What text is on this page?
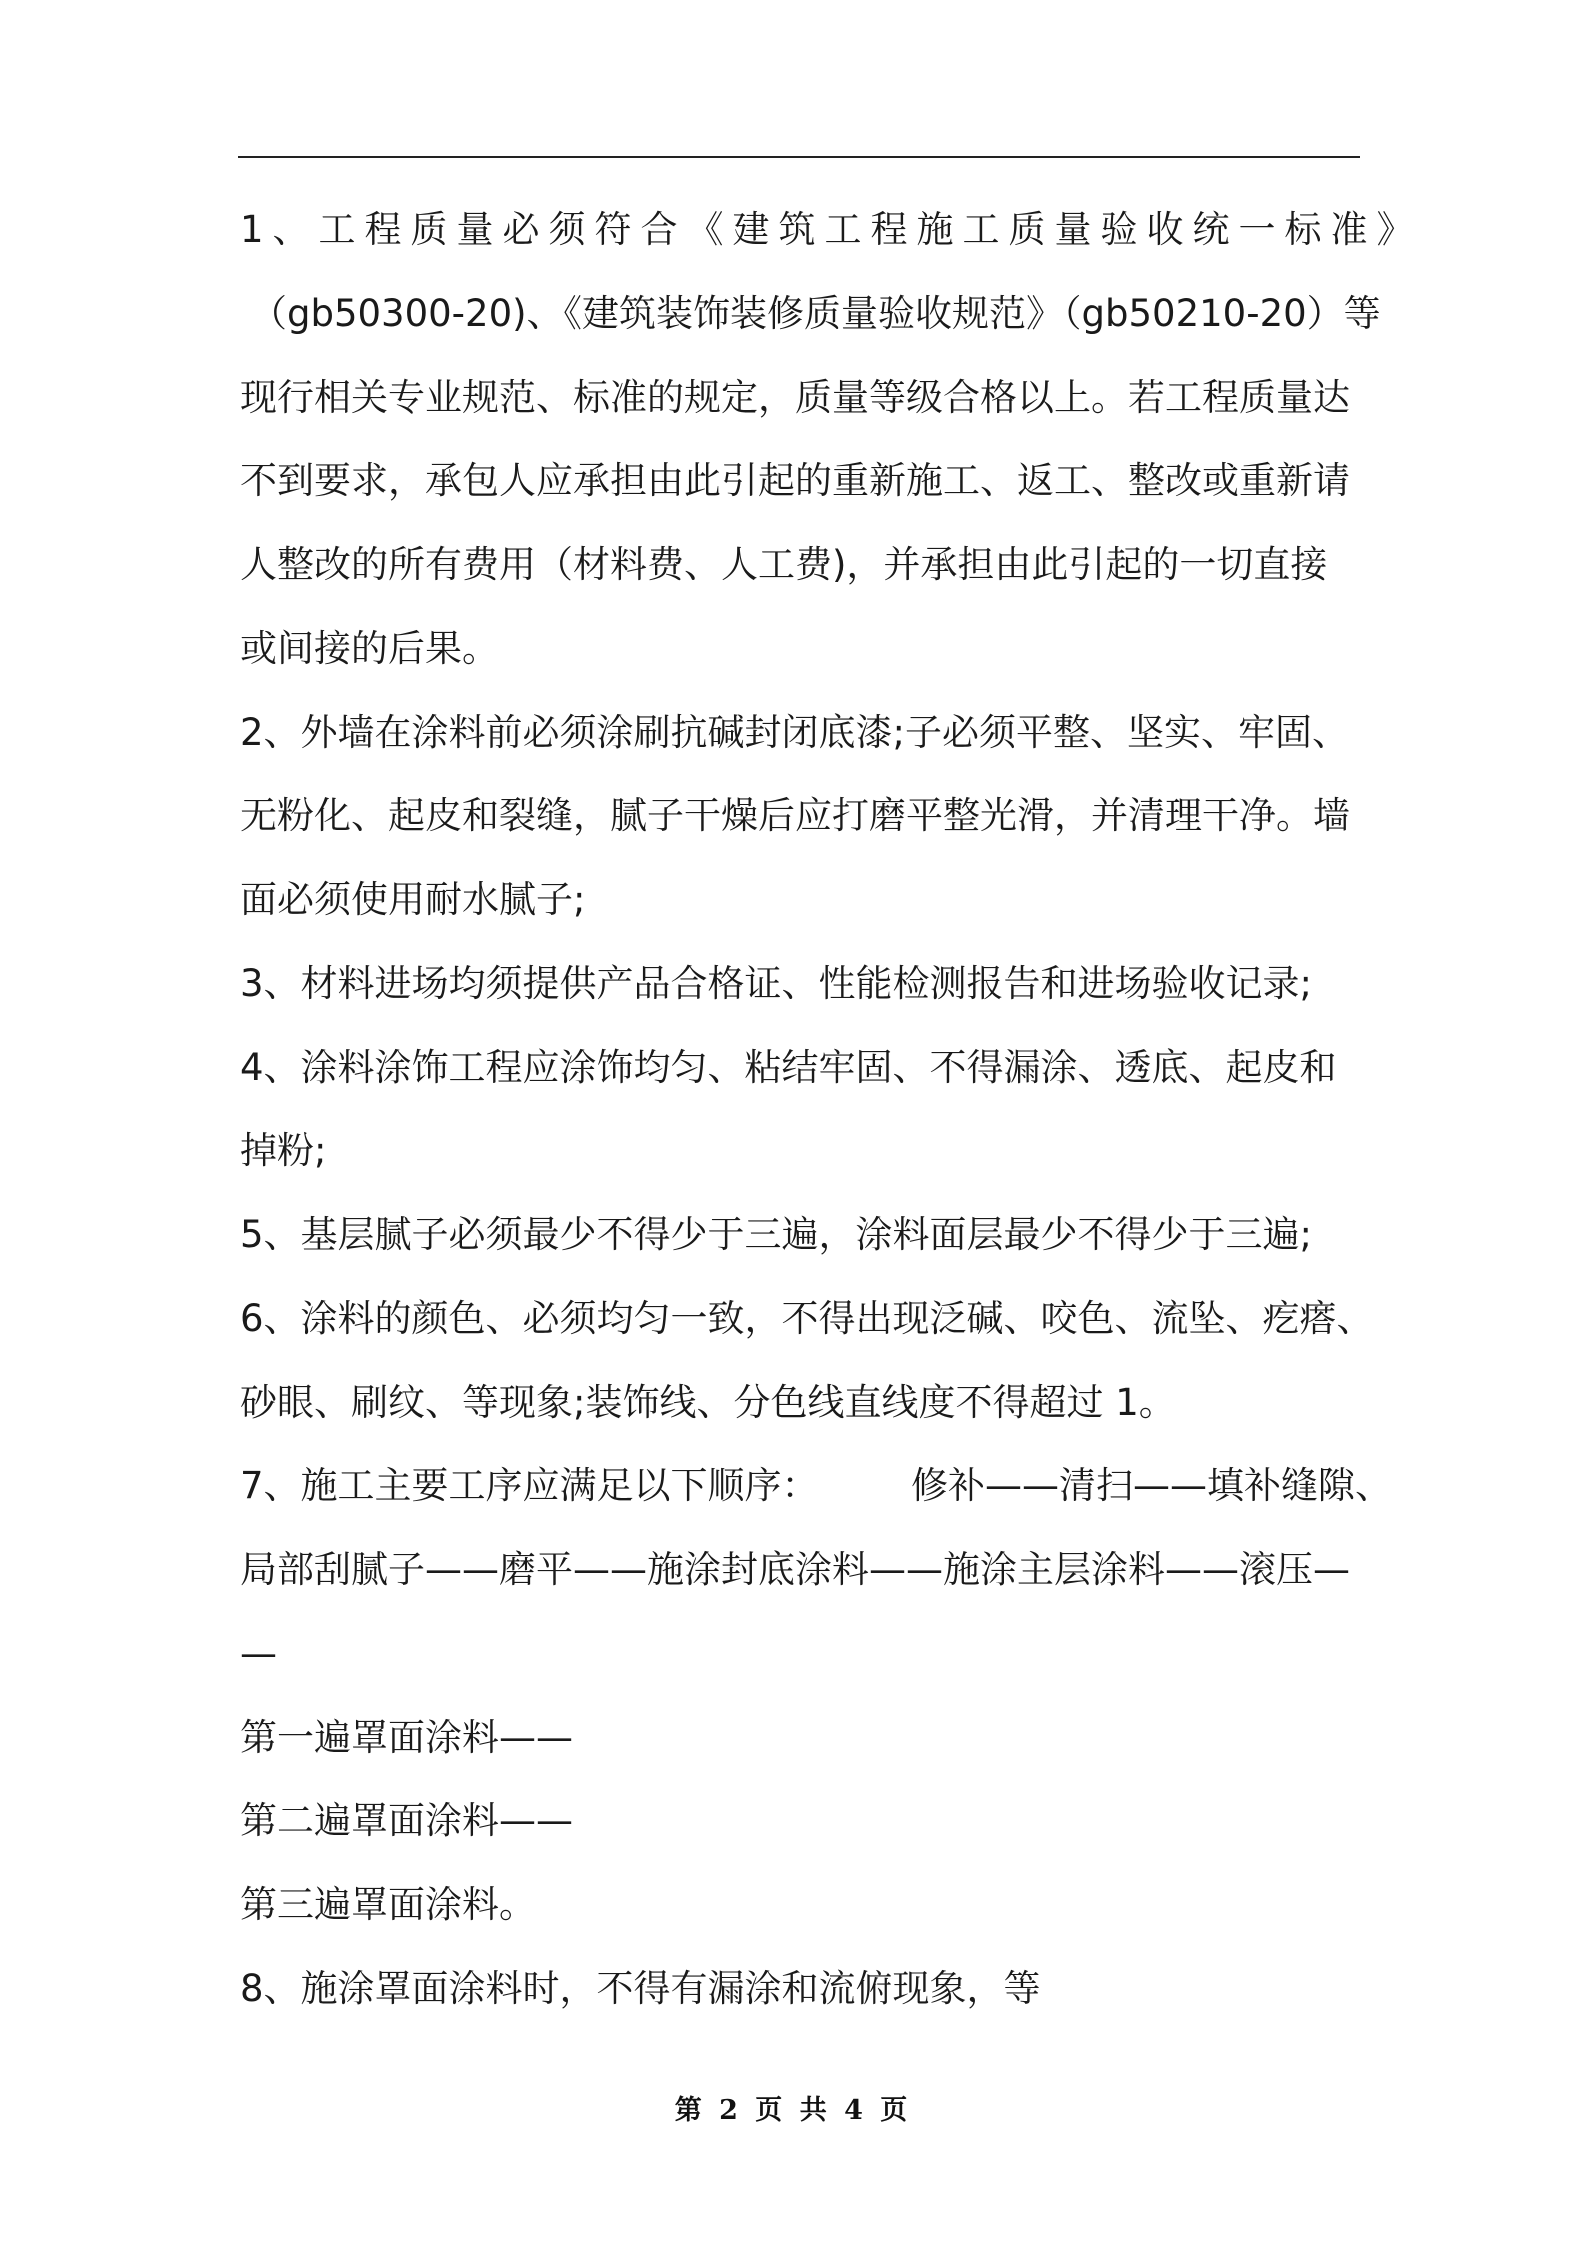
1、工程质量必须符合《建筑工程施工质量验收统一标准》
（gb50300-20)、《建筑装饰装修质量验收规范》（gb50210-20）等
现行相关专业规范、标准的规定，质量等级合格以上。若工程质量达
不到要求，承包人应承担由此引起的重新施工、返工、整改或重新请
人整改的所有费用（材料费、人工费)，并承担由此引起的一切直接
或间接的后果。
2、外墙在涂料前必须涂刷抗碱封闭底漆;子必须平整、坚实、牢固、
无粉化、起皮和裂缝，腻子干燥后应打磨平整光滑，并清理干净。墙
面必须使用耐水腻子;
3、材料进场均须提供产品合格证、性能检测报告和进场验收记录;
4、涂料涂饰工程应涂饰均匀、粘结牢固、不得漏涂、透底、起皮和
掉粉;
5、基层腻子必须最少不得少于三遍，涂料面层最少不得少于三遍;
6、涂料的颜色、必须均匀一致，不得出现泛碱、咬色、流坠、疙瘩、
砂眼、刷纹、等现象;装饰线、分色线直线度不得超过 1。
7、施工主要工序应满足以下顺序：　　　修补——清扫——填补缝隙、
局部刮腻子——磨平——施涂封底涂料——施涂主层涂料——滚压—
—
第一遍罩面涂料——
第二遍罩面涂料——
第三遍罩面涂料。
8、施涂罩面涂料时，不得有漏涂和流俯现象，等
第 2 页 共 4 页
